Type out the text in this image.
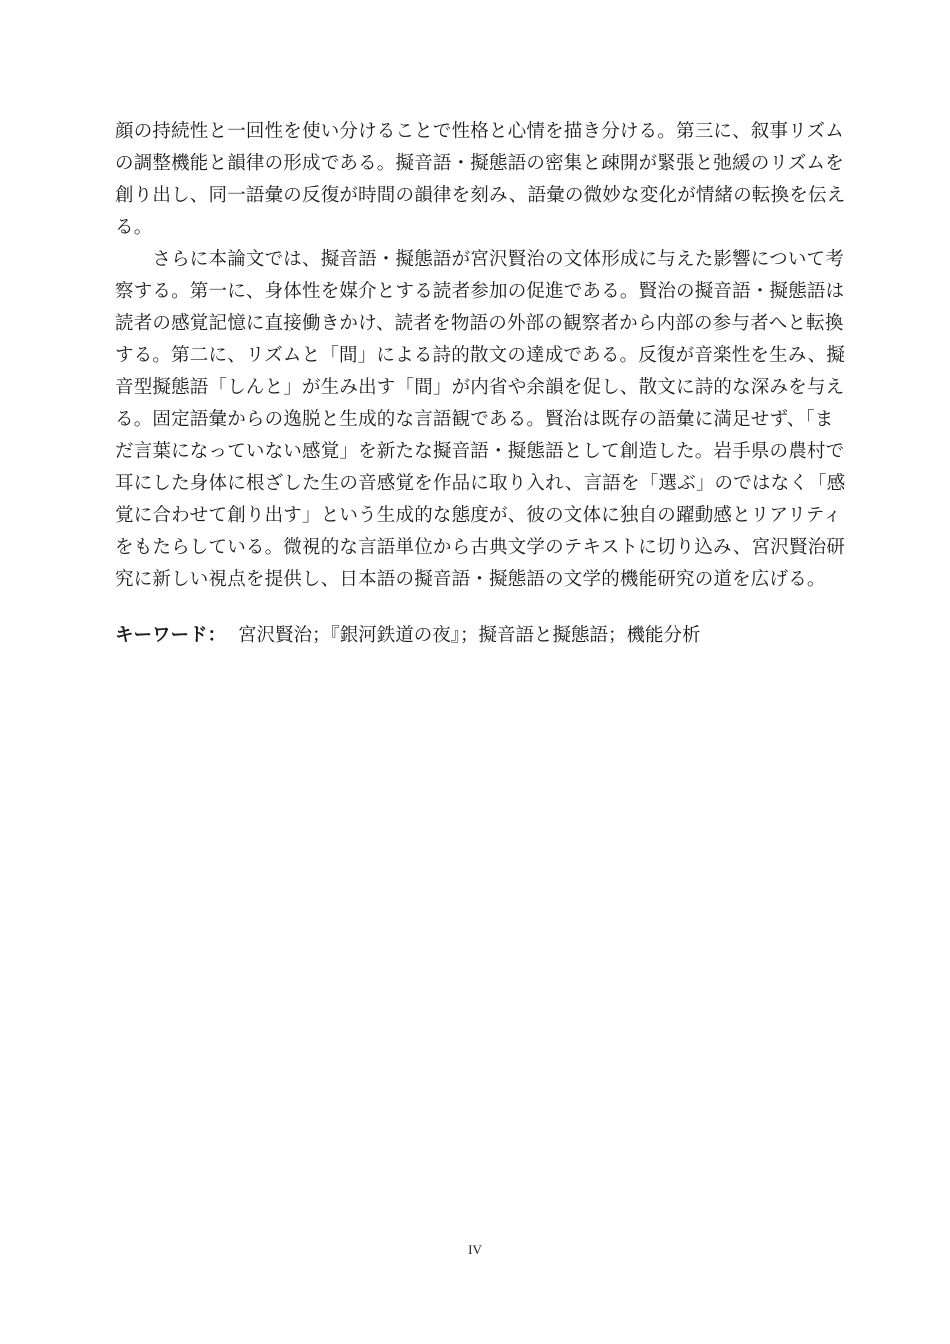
顔の持続性と一回性を使い分けることで性格と心情を描き分ける。第三に、叙事リズム
の調整機能と韻律の形成である。擬音語・擬態語の密集と疎開が緊張と弛緩のリズムを
創り出し、同一語彙の反復が時間の韻律を刻み、語彙の微妙な変化が情緒の転換を伝え
る。
　　さらに本論文では、擬音語・擬態語が宮沢賢治の文体形成に与えた影響について考
察する。第一に、身体性を媒介とする読者参加の促進である。賢治の擬音語・擬態語は
読者の感覚記憶に直接働きかけ、読者を物語の外部の観察者から内部の参与者へと転換
する。第二に、リズムと「間」による詩的散文の達成である。反復が音楽性を生み、擬
音型擬態語「しんと」が生み出す「間」が内省や余韻を促し、散文に詩的な深みを与え
る。固定語彙からの逸脱と生成的な言語観である。賢治は既存の語彙に満足せず、「ま
だ言葉になっていない感覚」を新たな擬音語・擬態語として創造した。岩手県の農村で
耳にした身体に根ざした生の音感覚を作品に取り入れ、言語を「選ぶ」のではなく「感
覚に合わせて創り出す」という生成的な態度が、彼の文体に独自の躍動感とリアリティ
をもたらしている。微視的な言語単位から古典文学のテキストに切り込み、宮沢賢治研
究に新しい視点を提供し、日本語の擬音語・擬態語の文学的機能研究の道を広げる。
キーワード： 宮沢賢治；『銀河鉄道の夜』；擬音語と擬態語；機能分析
IV
